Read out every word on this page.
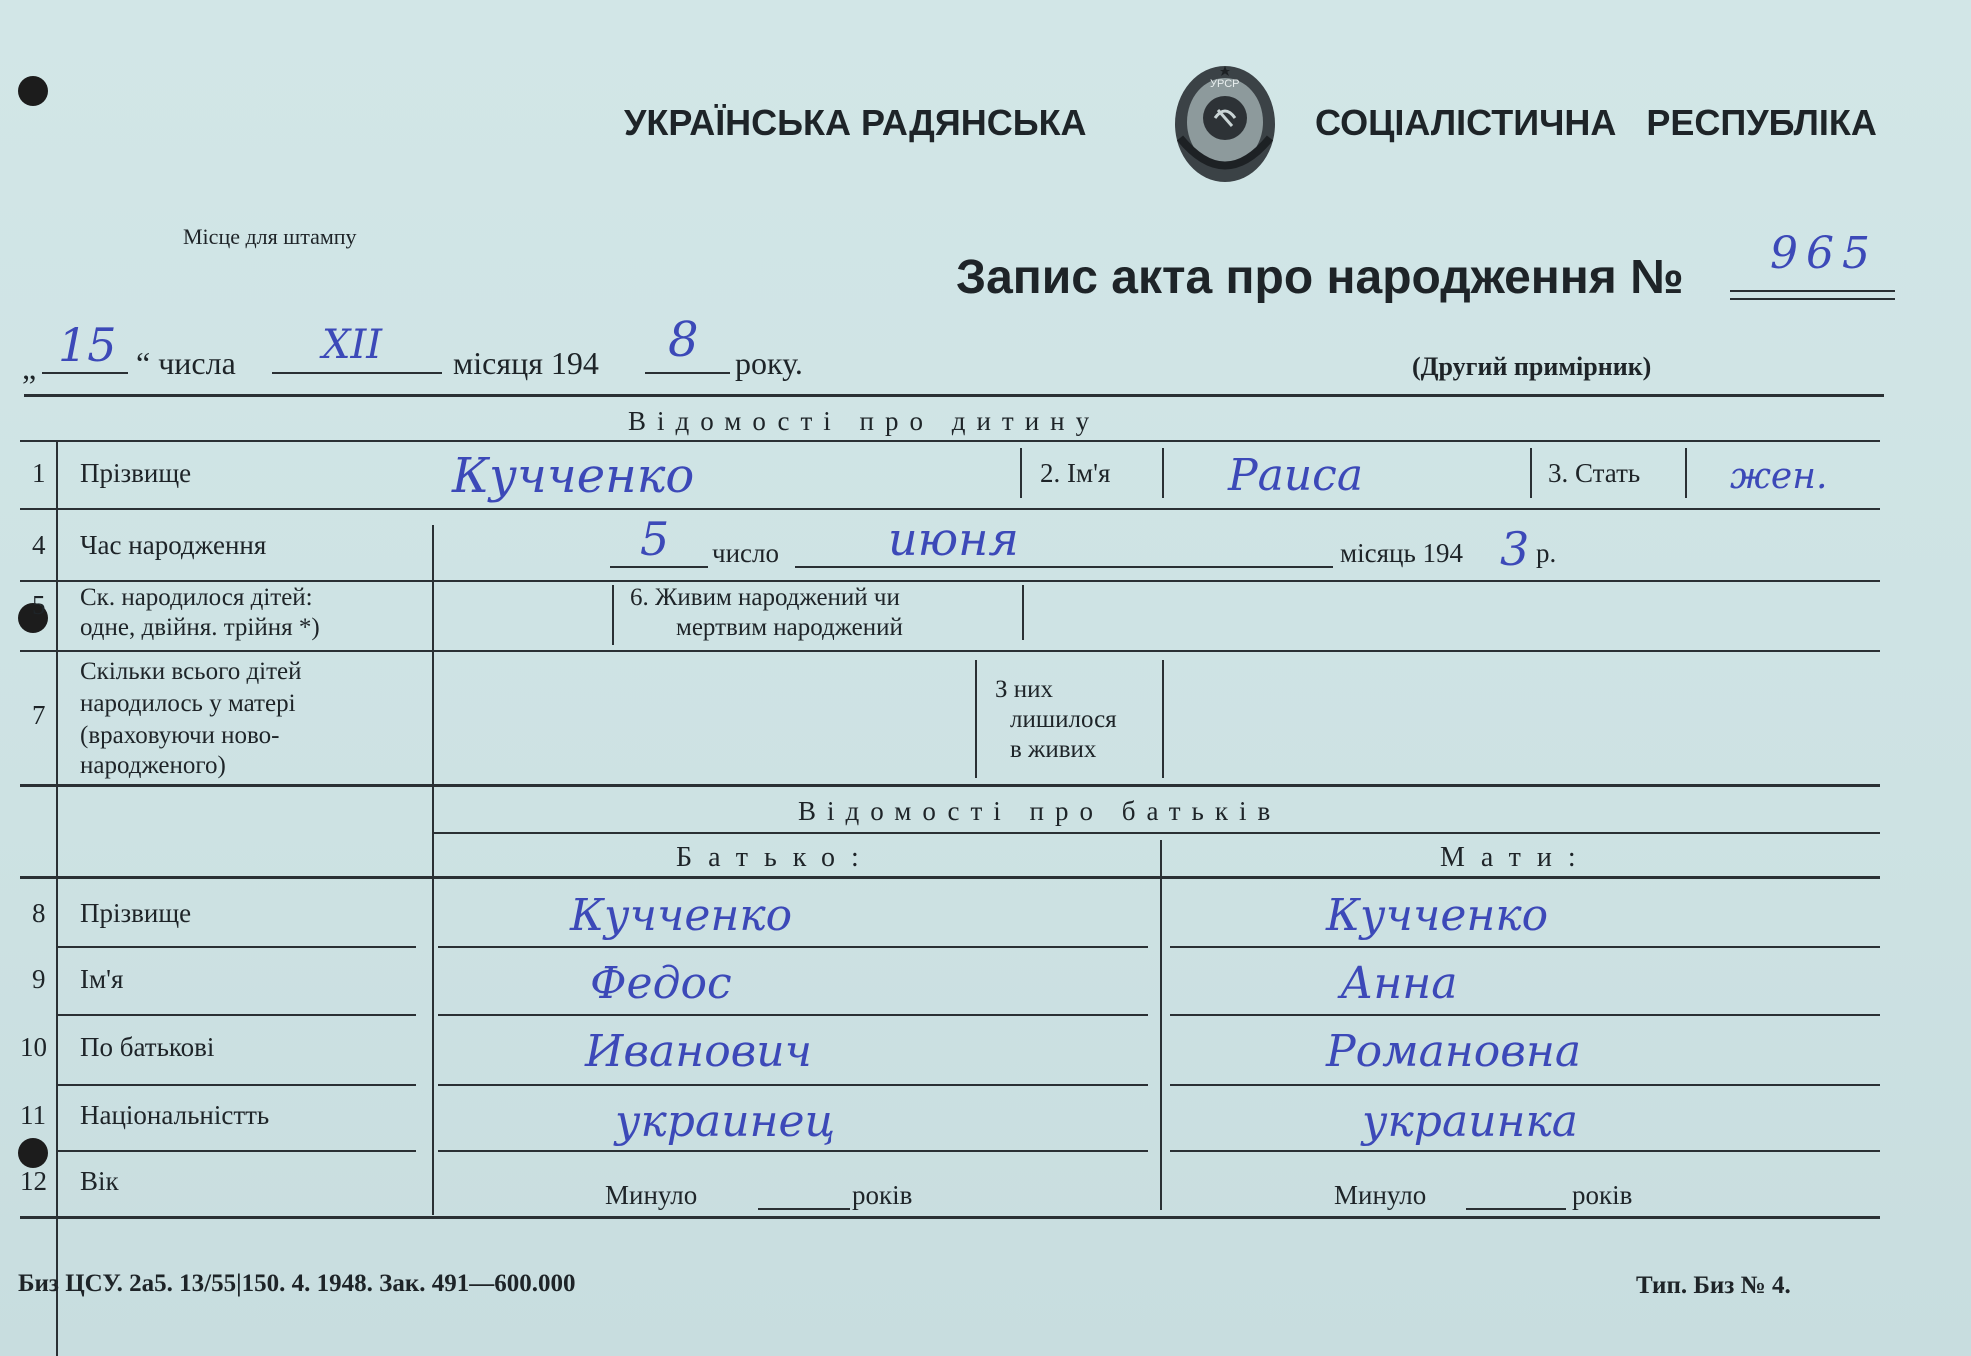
УКРАЇНСЬКА РАДЯНСЬКА
УРСР
СОЦІАЛІСТИЧНА   РЕСПУБЛІКА
Місце для штампу
Запис акта про народження № 965
„ 15 “ числа XII місяця 194 8 року.	(Другий примірник)
Відомості про дитину
1 Прізвище	Кучченко	2. Ім'я	Раиса	3. Стать жен.
4 Час народження	5 число июня	місяць 194 3 р.
5 Ск. народилося дітей:
одне, двійня. трійня *)
6. Живим народжений чи
мертвим народжений
7
Скільки всього дітей
народилось у матері
(враховуючи ново-
народженого)
З них
лишилося
в живих
Відомості про батьків
Батько:	Мати:
8 Прізвище	Кучченко	Кучченко
9 Ім'я	Федос	Анна
10 По батькові	Иванович	Романовна
11 Національністть	украинец	украинка
12 Вік	Минуло	років	Минуло	років
Биз ЦСУ. 2а5. 13/55|150. 4. 1948. Зак. 491—600.000	Тип. Биз № 4.
